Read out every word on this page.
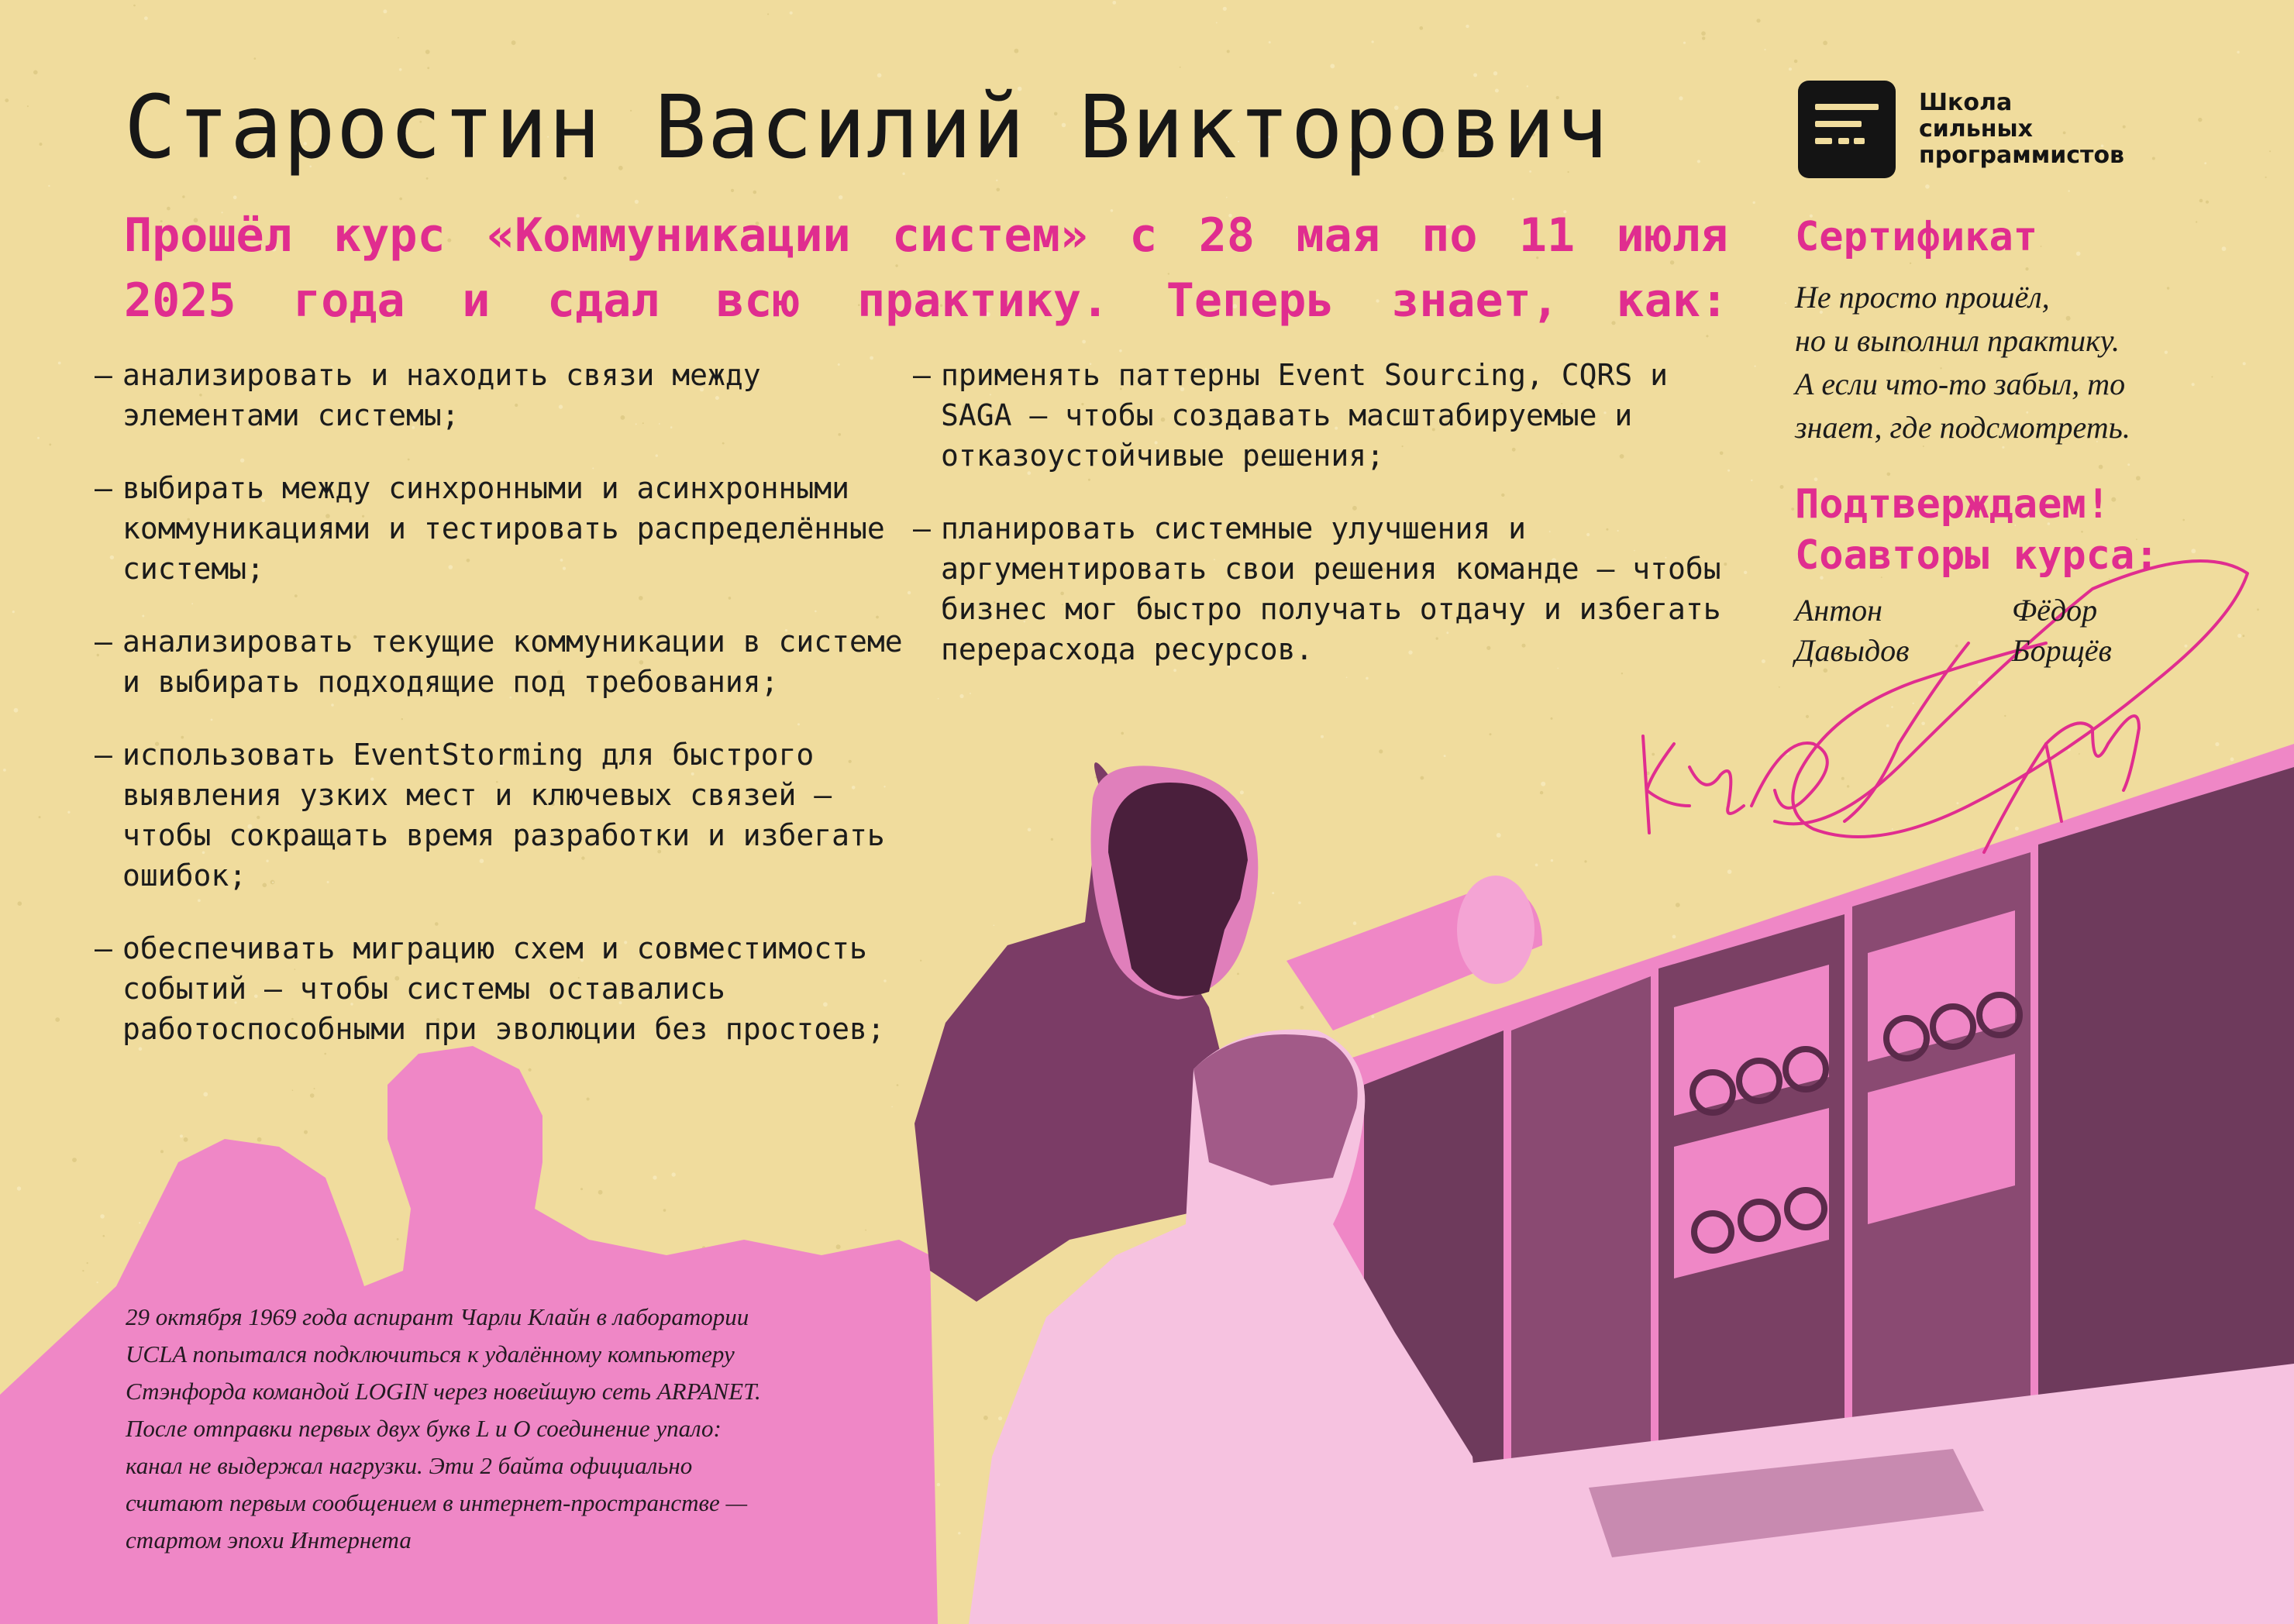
Старостин Василий Викторович
Прошёл курс «Коммуникации систем» с 28 мая по 11 июля 2025 года и сдал всю практику. Теперь знает, как:
— анализировать и находить связи между элементами системы;
— выбирать между синхронными и асинхронными коммуникациями и тестировать распределённые системы;
— анализировать текущие коммуникации в системе и выбирать подходящие под требования;
— использовать EventStorming для быстрого выявления узких мест и ключевых связей — чтобы сокращать время разработки и избегать ошибок;
— обеспечивать миграцию схем и совместимость событий — чтобы системы оставались работоспособными при эволюции без простоев;
— применять паттерны Event Sourcing, CQRS и SAGA — чтобы создавать масштабируемые и отказоустойчивые решения;
— планировать системные улучшения и аргументировать свои решения команде — чтобы бизнес мог быстро получать отдачу и избегать перерасхода ресурсов.
Школа
сильных
программистов
Сертификат
Не просто прошёл,
но и выполнил практику.
А если что-то забыл, то
знает, где подсмотреть.
Подтверждаем!
Соавторы курса:
Антон
Давыдов
Фёдор
Борщёв
29 октября 1969 года аспирант Чарли Клайн в лаборатории
UCLA попытался подключиться к удалённому компьютеру
Стэнфорда командой LOGIN через новейшую сеть ARPANET.
После отправки первых двух букв L и O соединение упало:
канал не выдержал нагрузки. Эти 2 байта официально
считают первым сообщением в интернет-пространстве —
стартом эпохи Интернета
